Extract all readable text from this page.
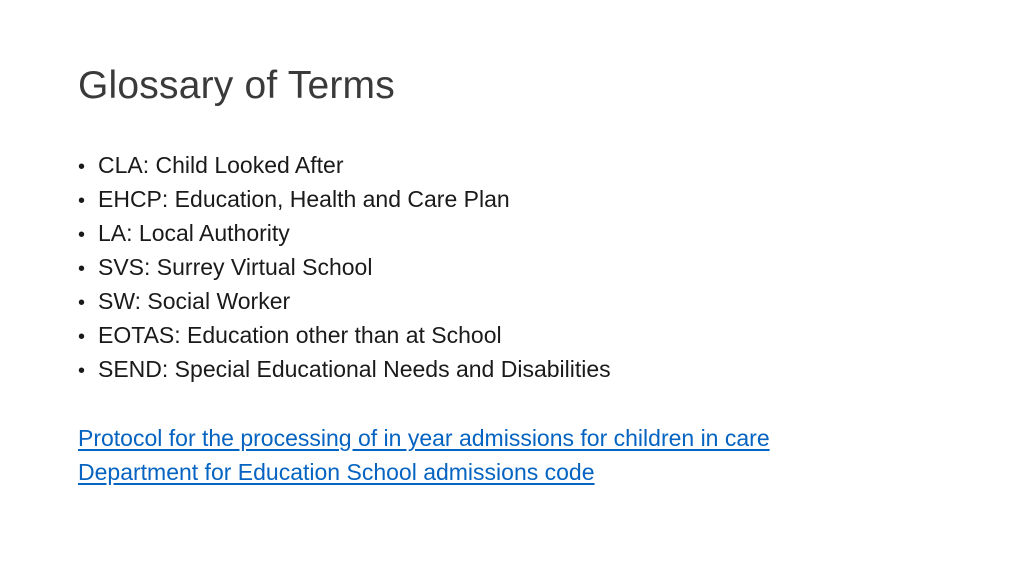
Glossary of Terms
• CLA: Child Looked After
• EHCP: Education, Health and Care Plan
• LA: Local Authority
• SVS: Surrey Virtual School
• SW: Social Worker
• EOTAS: Education other than at School
• SEND: Special Educational Needs and Disabilities
Protocol for the processing of in year admissions for children in care
Department for Education School admissions code
